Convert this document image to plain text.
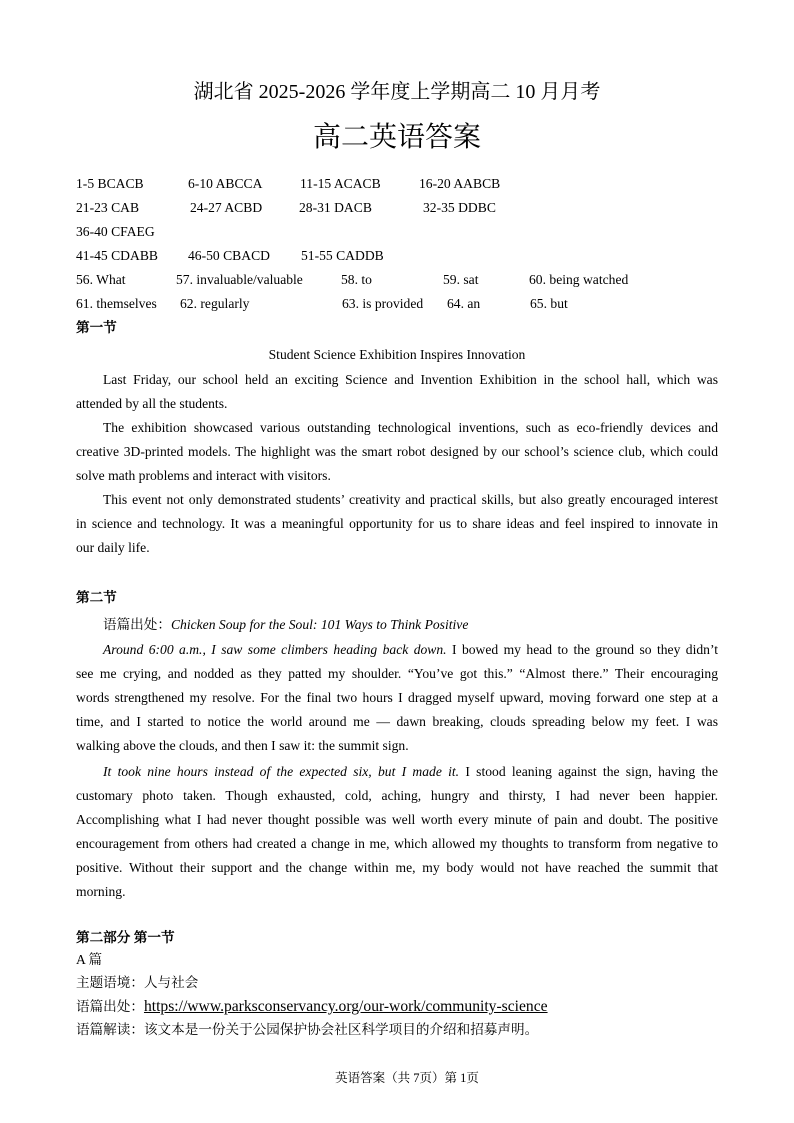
湖北省 2025-2026 学年度上学期高二 10 月月考
高二英语答案
1-5 BCACB	6-10 ABCCA	11-15 ACACB	16-20 AABCB
21-23 CAB	24-27 ACBD	28-31 DACB	32-35 DDBC
36-40 CFAEG
41-45 CDABB 46-50 CBACD 51-55 CADDB
56. What	57. invaluable/valuable	58. to	59. sat	60. being watched
61. themselves 62. regularly	63. is provided 64. an	65. but
第一节
Student Science Exhibition Inspires Innovation
Last Friday, our school held an exciting Science and Invention Exhibition in the school hall, which was
attended by all the students.
The exhibition showcased various outstanding technological inventions, such as eco-friendly devices and
creative 3D-printed models. The highlight was the smart robot designed by our school’s science club, which could
solve math problems and interact with visitors.
This event not only demonstrated students’ creativity and practical skills, but also greatly encouraged interest
in science and technology. It was a meaningful opportunity for us to share ideas and feel inspired to innovate in
our daily life.
第二节
语篇出处：Chicken Soup for the Soul: 101 Ways to Think Positive
Around 6:00 a.m., I saw some climbers heading back down. I bowed my head to the ground so they didn’t
see me crying, and nodded as they patted my shoulder. “You’ve got this.” “Almost there.” Their encouraging
words strengthened my resolve. For the final two hours I dragged myself upward, moving forward one step at a
time, and I started to notice the world around me — dawn breaking, clouds spreading below my feet. I was
walking above the clouds, and then I saw it: the summit sign.
It took nine hours instead of the expected six, but I made it. I stood leaning against the sign, having the
customary photo taken. Though exhausted, cold, aching, hungry and thirsty, I had never been happier.
Accomplishing what I had never thought possible was well worth every minute of pain and doubt. The positive
encouragement from others had created a change in me, which allowed my thoughts to transform from negative to
positive. Without their support and the change within me, my body would not have reached the summit that
morning.
第二部分 第一节
A 篇
主题语境：人与社会
语篇出处：https://www.parksconservancy.org/our-work/community-science
语篇解读：该文本是一份关于公园保护协会社区科学项目的介绍和招募声明。
英语答案（共 7页）第 1页
